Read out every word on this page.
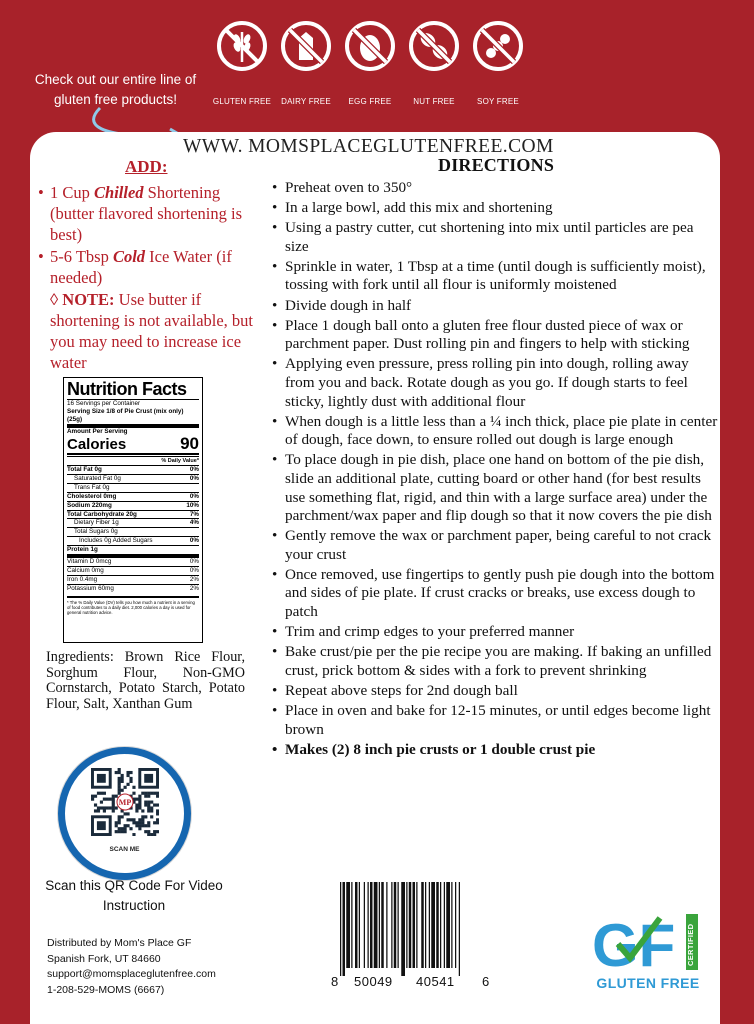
Check out our entire line of gluten free products!	GLUTEN FREE	DAIRY FREE	EGG FREE	NUT FREE	SOY FREE
WWW. MOMSPLACEGLUTENFREE.COM
DIRECTIONS
ADD:
• 1 Cup Chilled Shortening (butter flavored shortening is best)
• 5-6 Tbsp Cold Ice Water (if needed)
◊ NOTE: Use butter if shortening is not available, but you may need to increase ice water
Nutrition Facts
16 Servings per Container
Serving Size 1/8 of Pie Crust (mix only) (25g)
Amount Per Serving
Calories	90
% Daily Value*
Total Fat 0g	0%
Saturated Fat 0g	0%
Trans Fat 0g
Cholesterol 0mg	0%
Sodium 220mg	10%
Total Carbohydrate 20g	7%
Dietary Fiber 1g	4%
Total Sugars 0g
Includes 0g Added Sugars	0%
Protein 1g
Vitamin D 0mcg	0%
Calcium 0mg	0%
Iron 0.4mg	2%
Potassium 60mg	2%
* The % Daily Value (DV) tells you how much a nutrient in a serving of food contributes to a daily diet. 2,000 calories a day is used for general nutrition advice.
Ingredients: Brown Rice Flour, Sorghum Flour, Non-GMO Cornstarch, Potato Starch, Potato Flour, Salt, Xanthan Gum
MP
SCAN ME
Scan this QR Code For Video Instruction
Distributed by Mom's Place GF
Spanish Fork, UT 84660
support@momsplaceglutenfree.com
1-208-529-MOMS (6667)
• Preheat oven to 350°
• In a large bowl, add this mix and shortening
• Using a pastry cutter, cut shortening into mix until particles are pea size
• Sprinkle in water, 1 Tbsp at a time (until dough is sufficiently moist), tossing with fork until all flour is uniformly moistened
• Divide dough in half
• Place 1 dough ball onto a gluten free flour dusted piece of wax or parchment paper. Dust rolling pin and fingers to help with sticking
• Applying even pressure, press rolling pin into dough, rolling away from you and back. Rotate dough as you go. If dough starts to feel sticky, lightly dust with additional flour
• When dough is a little less than a ¼ inch thick, place pie plate in center of dough, face down, to ensure rolled out dough is large enough
• To place dough in pie dish, place one hand on bottom of the pie dish, slide an additional plate, cutting board or other hand (for best results use something flat, rigid, and thin with a large surface area) under the parchment/wax paper and flip dough so that it now covers the pie dish
• Gently remove the wax or parchment paper, being careful to not crack your crust
• Once removed, use fingertips to gently push pie dough into the bottom and sides of pie plate. If crust cracks or breaks, use excess dough to patch
• Trim and crimp edges to your preferred manner
• Bake crust/pie per the pie recipe you are making. If baking an unfilled crust, prick bottom & sides with a fork to prevent shrinking
• Repeat above steps for 2nd dough ball
• Place in oven and bake for 12-15 minutes, or until edges become light brown
• Makes (2) 8 inch pie crusts or 1 double crust pie
8 50049 40541 6
GF CERTIFIED
GLUTEN FREE
